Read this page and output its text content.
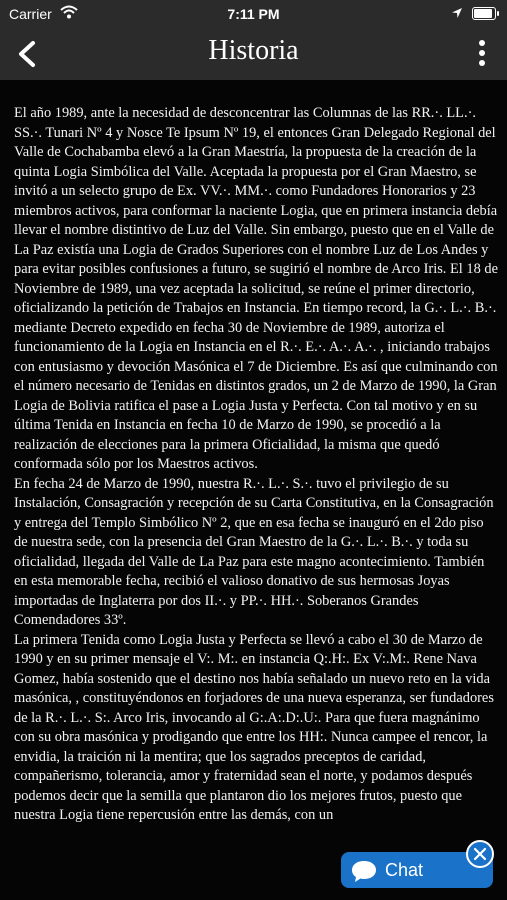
Carrier	7:11 PM
Historia

El año 1989, ante la necesidad de desconcentrar las Columnas de las RR.·. LL.·. SS.·. Tunari Nº 4 y Nosce Te Ipsum Nº 19, el entonces Gran Delegado Regional del Valle de Cochabamba elevó a la Gran Maestría, la propuesta de la creación de la quinta Logia Simbólica del Valle. Aceptada la propuesta por el Gran Maestro, se invitó a un selecto grupo de Ex. VV.·. MM.·. como Fundadores Honorarios y 23 miembros activos, para conformar la naciente Logia, que en primera instancia debía llevar el nombre distintivo de Luz del Valle. Sin embargo, puesto que en el Valle de La Paz existía una Logia de Grados Superiores con el nombre Luz de Los Andes y para evitar posibles confusiones a futuro, se sugirió el nombre de Arco Iris. El 18 de Noviembre de 1989, una vez aceptada la solicitud, se reúne el primer directorio, oficializando la petición de Trabajos en Instancia. En tiempo record, la G.·. L.·. B.·. mediante Decreto expedido en fecha 30 de Noviembre de 1989, autoriza el funcionamiento de la Logia en Instancia en el R.·. E.·. A.·. A.·. , iniciando trabajos con entusiasmo y devoción Masónica el 7 de Diciembre. Es así que culminando con el número necesario de Tenidas en distintos grados, un 2 de Marzo de 1990, la Gran Logia de Bolivia ratifica el pase a Logia Justa y Perfecta. Con tal motivo y en su última Tenida en Instancia en fecha 10 de Marzo de 1990, se procedió a la realización de elecciones para la primera Oficialidad, la misma que quedó conformada sólo por los Maestros activos.

En fecha 24 de Marzo de 1990, nuestra R.·. L.·. S.·. tuvo el privilegio de su Instalación, Consagración y recepción de su Carta Constitutiva, en la Consagración y entrega del Templo Simbólico Nº 2, que en esa fecha se inauguró en el 2do piso de nuestra sede, con la presencia del Gran Maestro de la G.·. L.·. B.·. y toda su oficialidad, llegada del Valle de La Paz para este magno acontecimiento. También en esta memorable fecha, recibió el valioso donativo de sus hermosas Joyas importadas de Inglaterra por dos II.·. y PP.·. HH.·. Soberanos Grandes Comendadores 33º.

La primera Tenida como Logia Justa y Perfecta se llevó a cabo el 30 de Marzo de 1990 y en su primer mensaje el V:. M:. en instancia Q:.H:. Ex V:.M:. Rene Nava Gomez, había sostenido que el destino nos había señalado un nuevo reto en la vida masónica, , constituyéndonos en forjadores de una nueva esperanza, ser fundadores de la R.·. L.·. S:. Arco Iris, invocando al G:.A:.D:.U:. Para que fuera magnánimo con su obra masónica y prodigando que entre los HH:. Nunca campee el rencor, la envidia, la traición ni la mentira; que los sagrados preceptos de caridad, compañerismo, tolerancia, amor y fraternidad sean el norte, y podamos después podemos decir que la semilla que plantaron dio los mejores frutos, puesto que nuestra Logia tiene repercusión entre las demás, con un

Chat
